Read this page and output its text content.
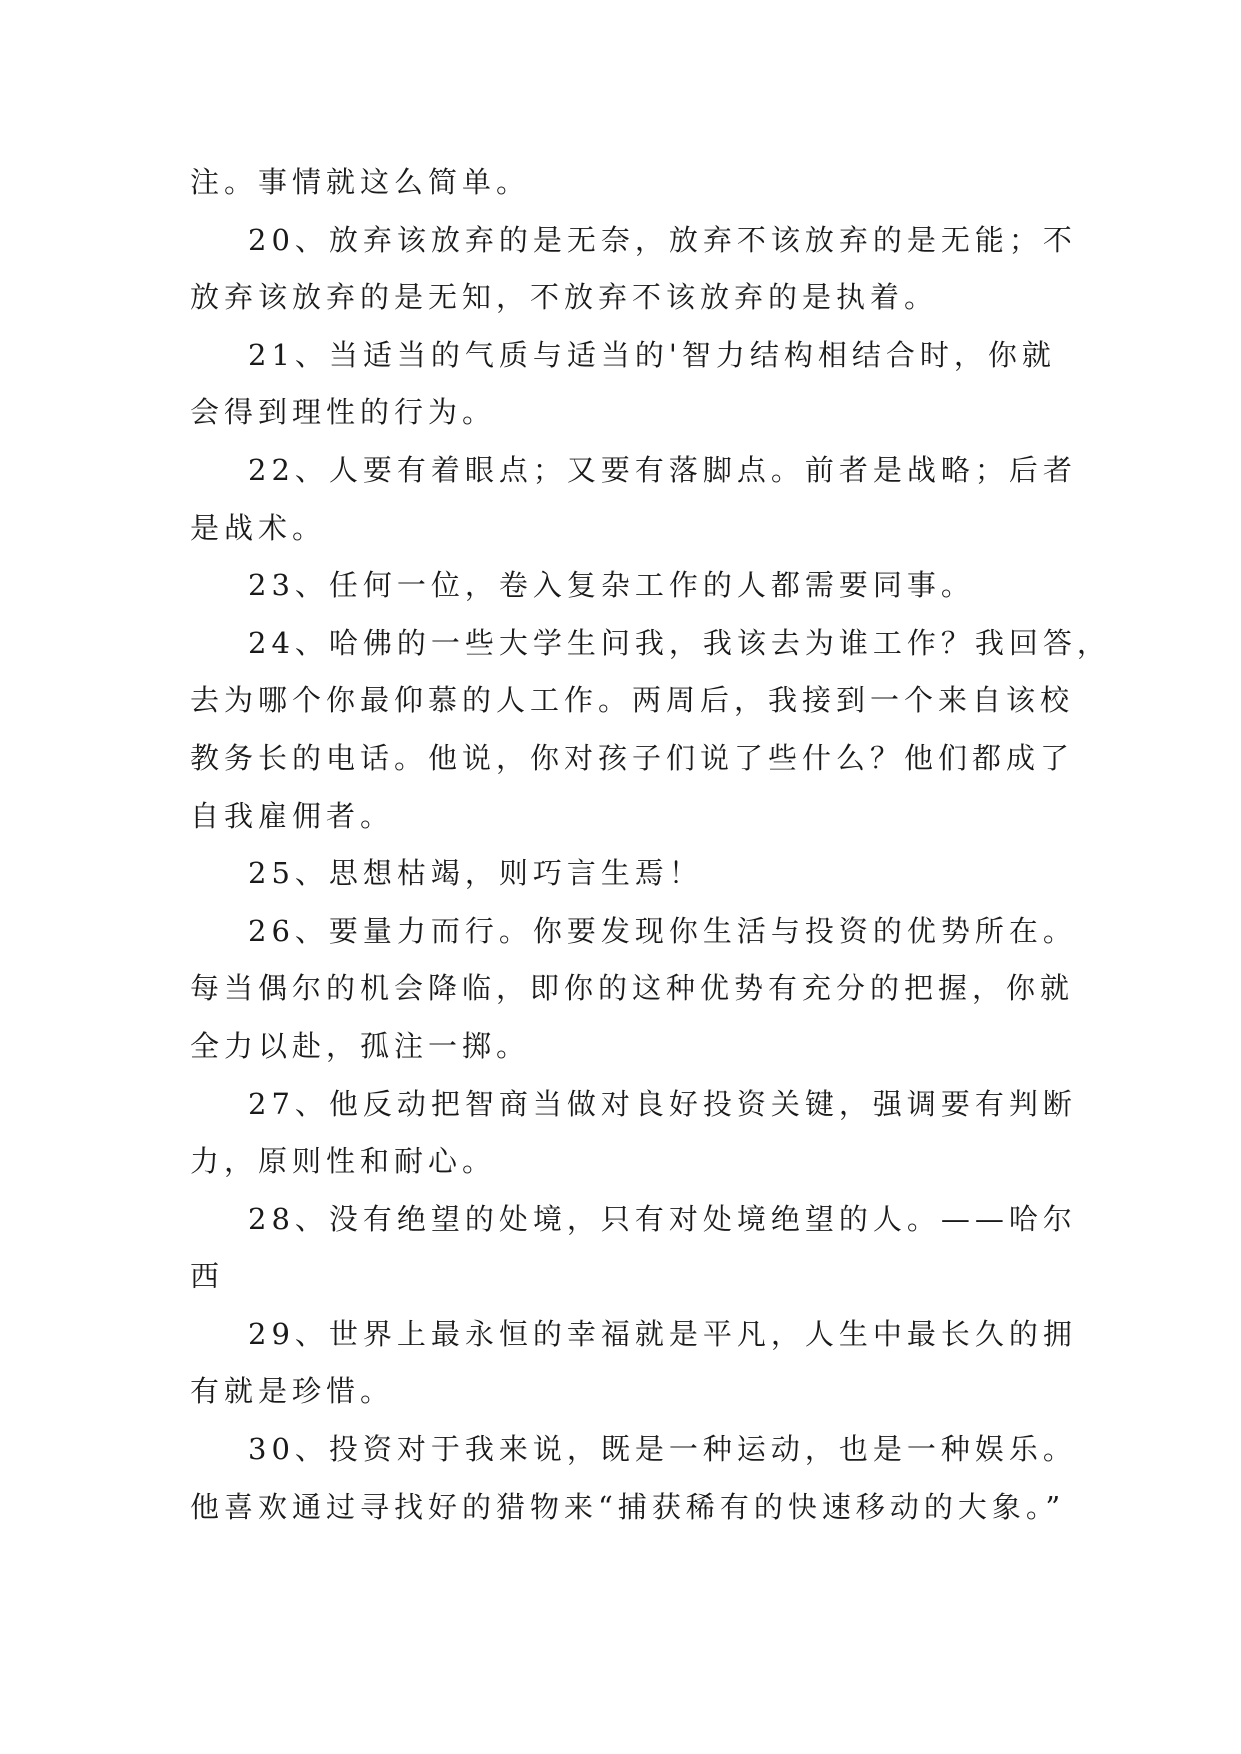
注。事情就这么简单。

20、放弃该放弃的是无奈，放弃不该放弃的是无能；不
放弃该放弃的是无知，不放弃不该放弃的是执着。

21、当适当的气质与适当的'智力结构相结合时，你就
会得到理性的行为。

22、人要有着眼点；又要有落脚点。前者是战略；后者
是战术。

23、任何一位，卷入复杂工作的人都需要同事。

24、哈佛的一些大学生问我，我该去为谁工作？我回答，
去为哪个你最仰慕的人工作。两周后，我接到一个来自该校
教务长的电话。他说，你对孩子们说了些什么？他们都成了
自我雇佣者。

25、思想枯竭，则巧言生焉！

26、要量力而行。你要发现你生活与投资的优势所在。
每当偶尔的机会降临，即你的这种优势有充分的把握，你就
全力以赴，孤注一掷。

27、他反动把智商当做对良好投资关键，强调要有判断
力，原则性和耐心。

28、没有绝望的处境，只有对处境绝望的人。——哈尔
西

29、世界上最永恒的幸福就是平凡，人生中最长久的拥
有就是珍惜。

30、投资对于我来说，既是一种运动，也是一种娱乐。
他喜欢通过寻找好的猎物来“捕获稀有的快速移动的大象。”
